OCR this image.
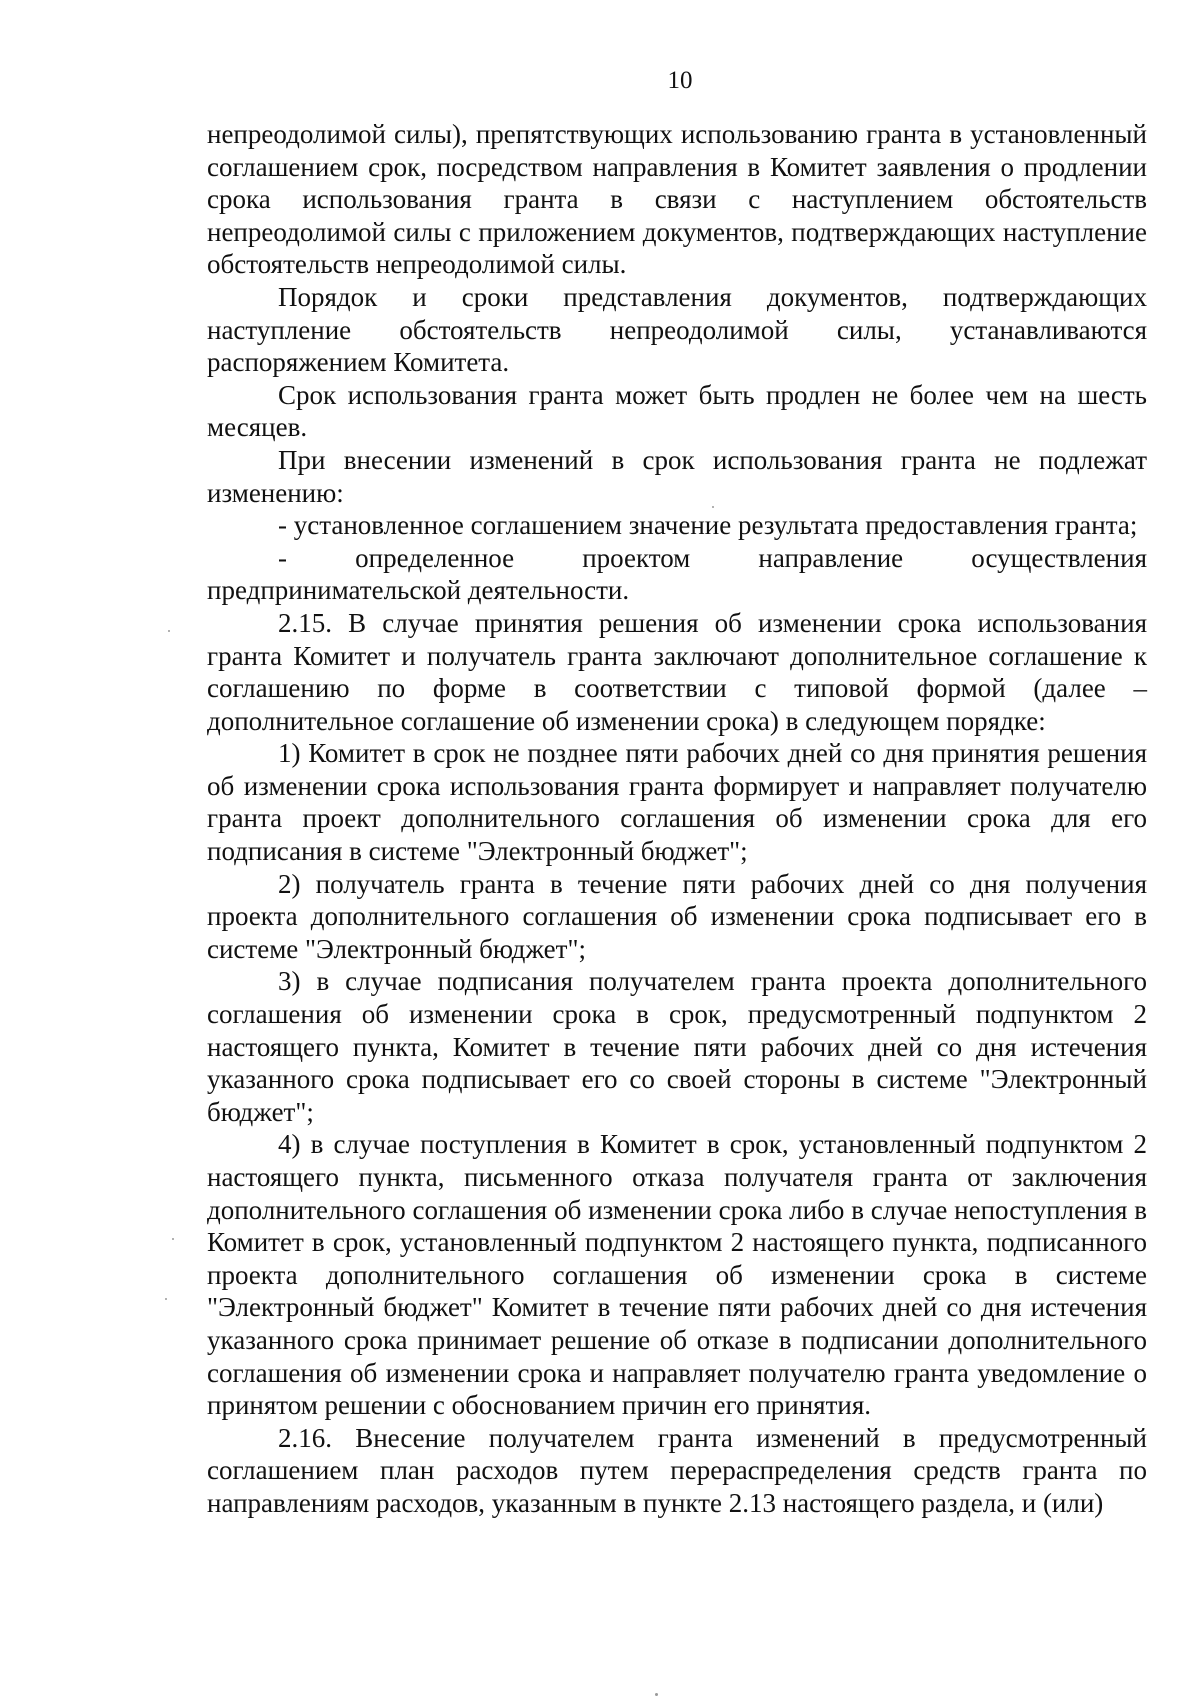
10

непреодолимой силы), препятствующих использованию гранта в установленный соглашением срок, посредством направления в Комитет заявления о продлении срока использования гранта в связи с наступлением обстоятельств непреодолимой силы с приложением документов, подтверждающих наступление обстоятельств непреодолимой силы.

Порядок и сроки представления документов, подтверждающих наступление обстоятельств непреодолимой силы, устанавливаются распоряжением Комитета.

Срок использования гранта может быть продлен не более чем на шесть месяцев.

При внесении изменений в срок использования гранта не подлежат изменению:

- установленное соглашением значение результата предоставления гранта;

- определенное проектом направление осуществления предпринимательской деятельности.

2.15. В случае принятия решения об изменении срока использования гранта Комитет и получатель гранта заключают дополнительное соглашение к соглашению по форме в соответствии с типовой формой (далее – дополнительное соглашение об изменении срока) в следующем порядке:

1) Комитет в срок не позднее пяти рабочих дней со дня принятия решения об изменении срока использования гранта формирует и направляет получателю гранта проект дополнительного соглашения об изменении срока для его подписания в системе "Электронный бюджет";

2) получатель гранта в течение пяти рабочих дней со дня получения проекта дополнительного соглашения об изменении срока подписывает его в системе "Электронный бюджет";

3) в случае подписания получателем гранта проекта дополнительного соглашения об изменении срока в срок, предусмотренный подпунктом 2 настоящего пункта, Комитет в течение пяти рабочих дней со дня истечения указанного срока подписывает его со своей стороны в системе "Электронный бюджет";

4) в случае поступления в Комитет в срок, установленный подпунктом 2 настоящего пункта, письменного отказа получателя гранта от заключения дополнительного соглашения об изменении срока либо в случае непоступления в Комитет в срок, установленный подпунктом 2 настоящего пункта, подписанного проекта дополнительного соглашения об изменении срока в системе "Электронный бюджет" Комитет в течение пяти рабочих дней со дня истечения указанного срока принимает решение об отказе в подписании дополнительного соглашения об изменении срока и направляет получателю гранта уведомление о принятом решении с обоснованием причин его принятия.

2.16. Внесение получателем гранта изменений в предусмотренный соглашением план расходов путем перераспределения средств гранта по направлениям расходов, указанным в пункте 2.13 настоящего раздела, и (или)
